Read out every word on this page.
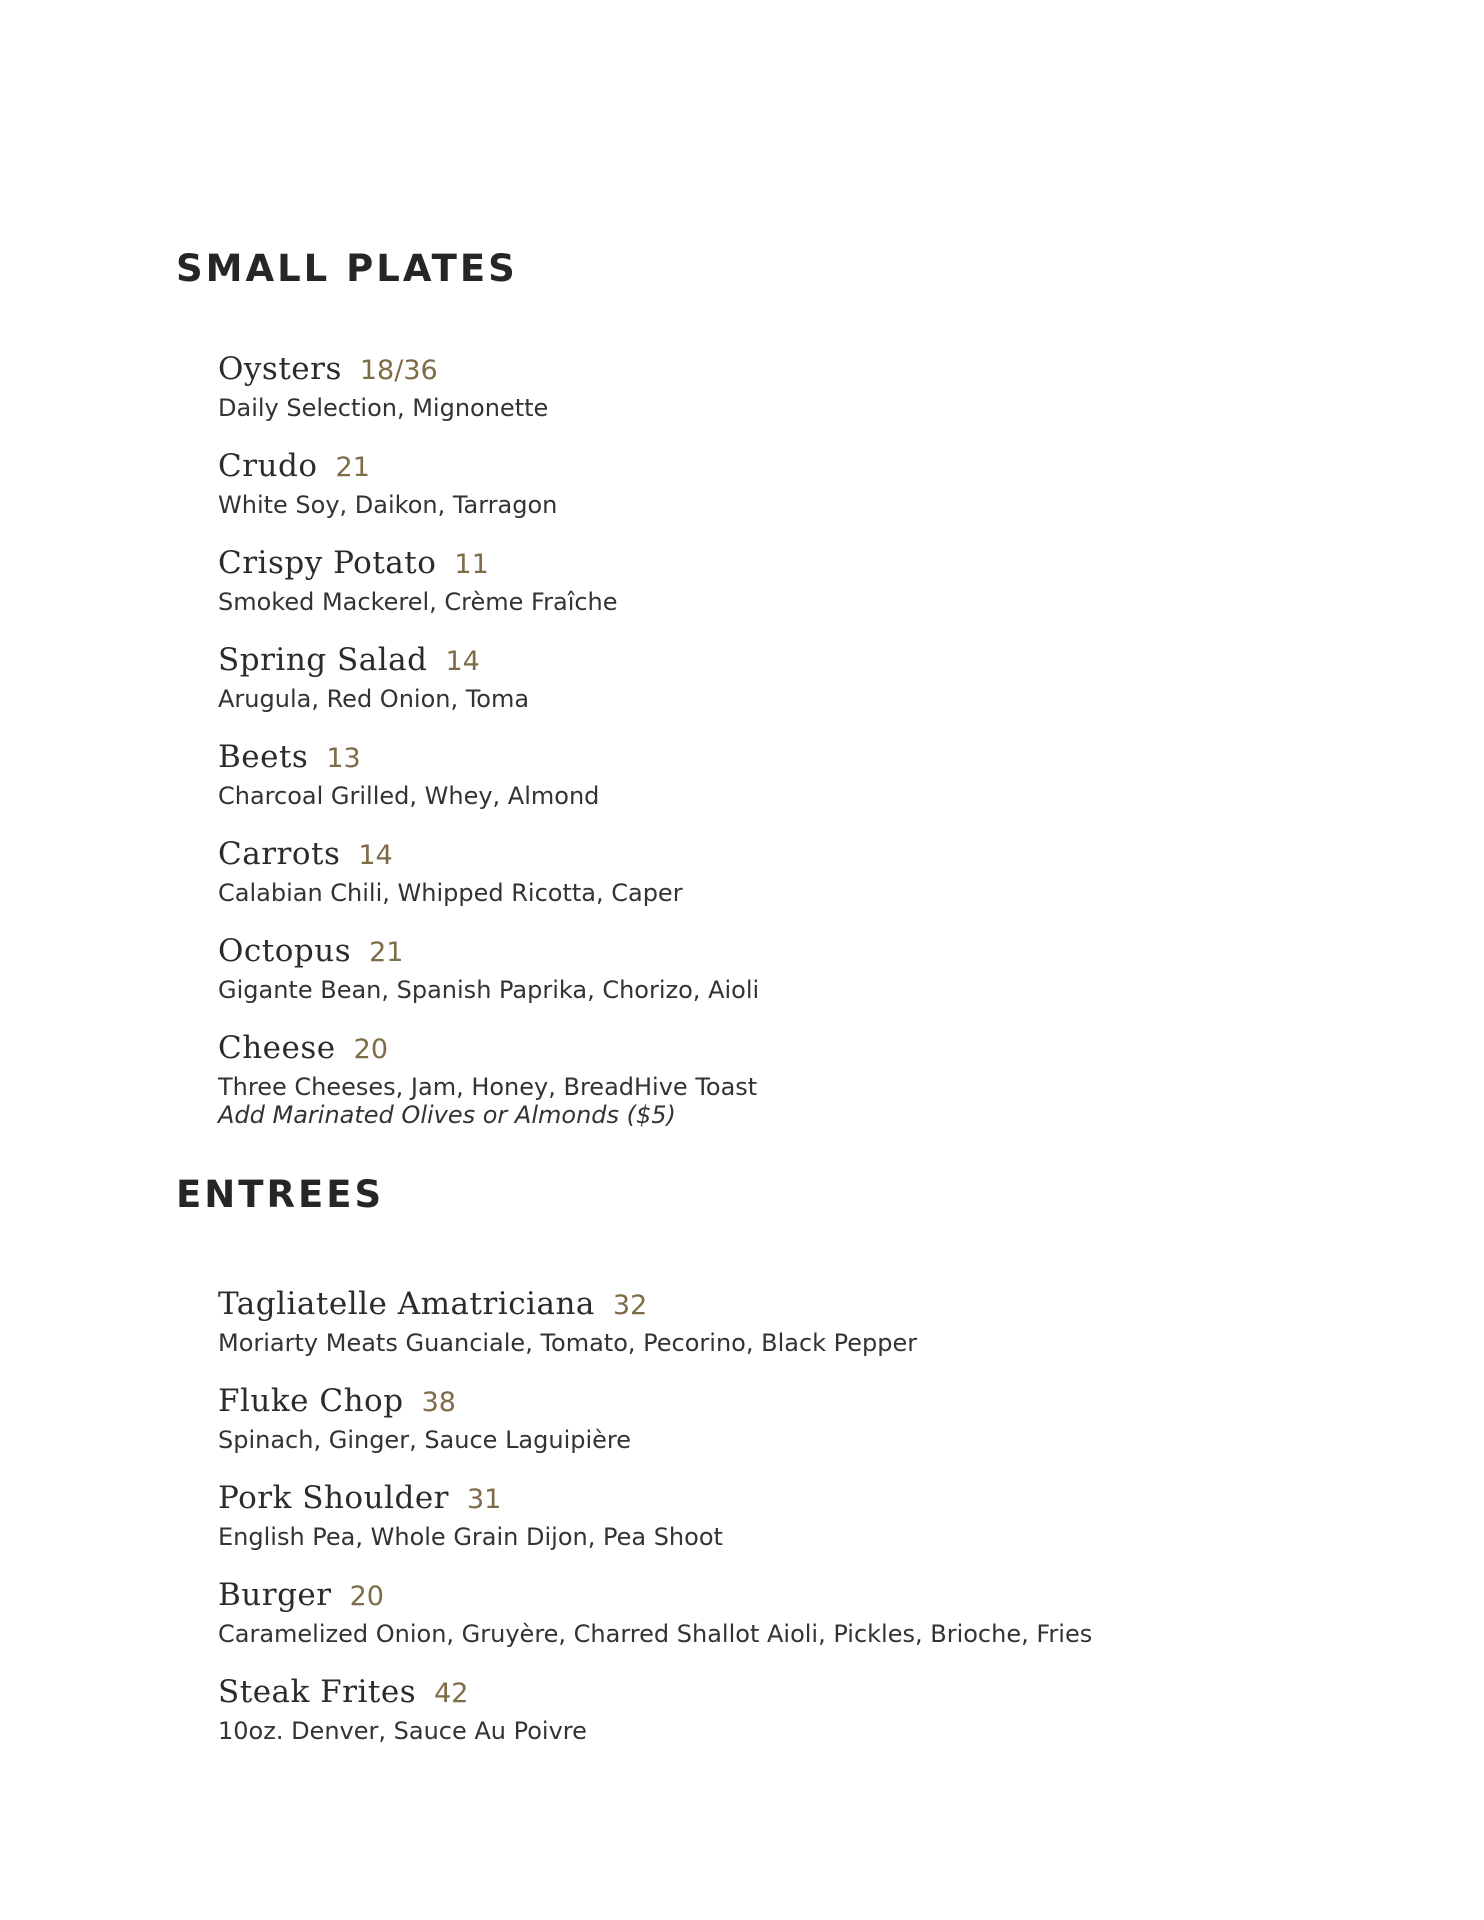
SMALL PLATES
Oysters 18/36
Daily Selection, Mignonette
Crudo 21
White Soy, Daikon, Tarragon
Crispy Potato 11
Smoked Mackerel, Crème Fraîche
Spring Salad 14
Arugula, Red Onion, Toma
Beets 13
Charcoal Grilled, Whey, Almond
Carrots 14
Calabian Chili, Whipped Ricotta, Caper
Octopus 21
Gigante Bean, Spanish Paprika, Chorizo, Aioli
Cheese 20
Three Cheeses, Jam, Honey, BreadHive Toast
Add Marinated Olives or Almonds ($5)
ENTREES
Tagliatelle Amatriciana 32
Moriarty Meats Guanciale, Tomato, Pecorino, Black Pepper
Fluke Chop 38
Spinach, Ginger, Sauce Laguipière
Pork Shoulder 31
English Pea, Whole Grain Dijon, Pea Shoot
Burger 20
Caramelized Onion, Gruyère, Charred Shallot Aioli, Pickles, Brioche, Fries
Steak Frites 42
10oz. Denver, Sauce Au Poivre
